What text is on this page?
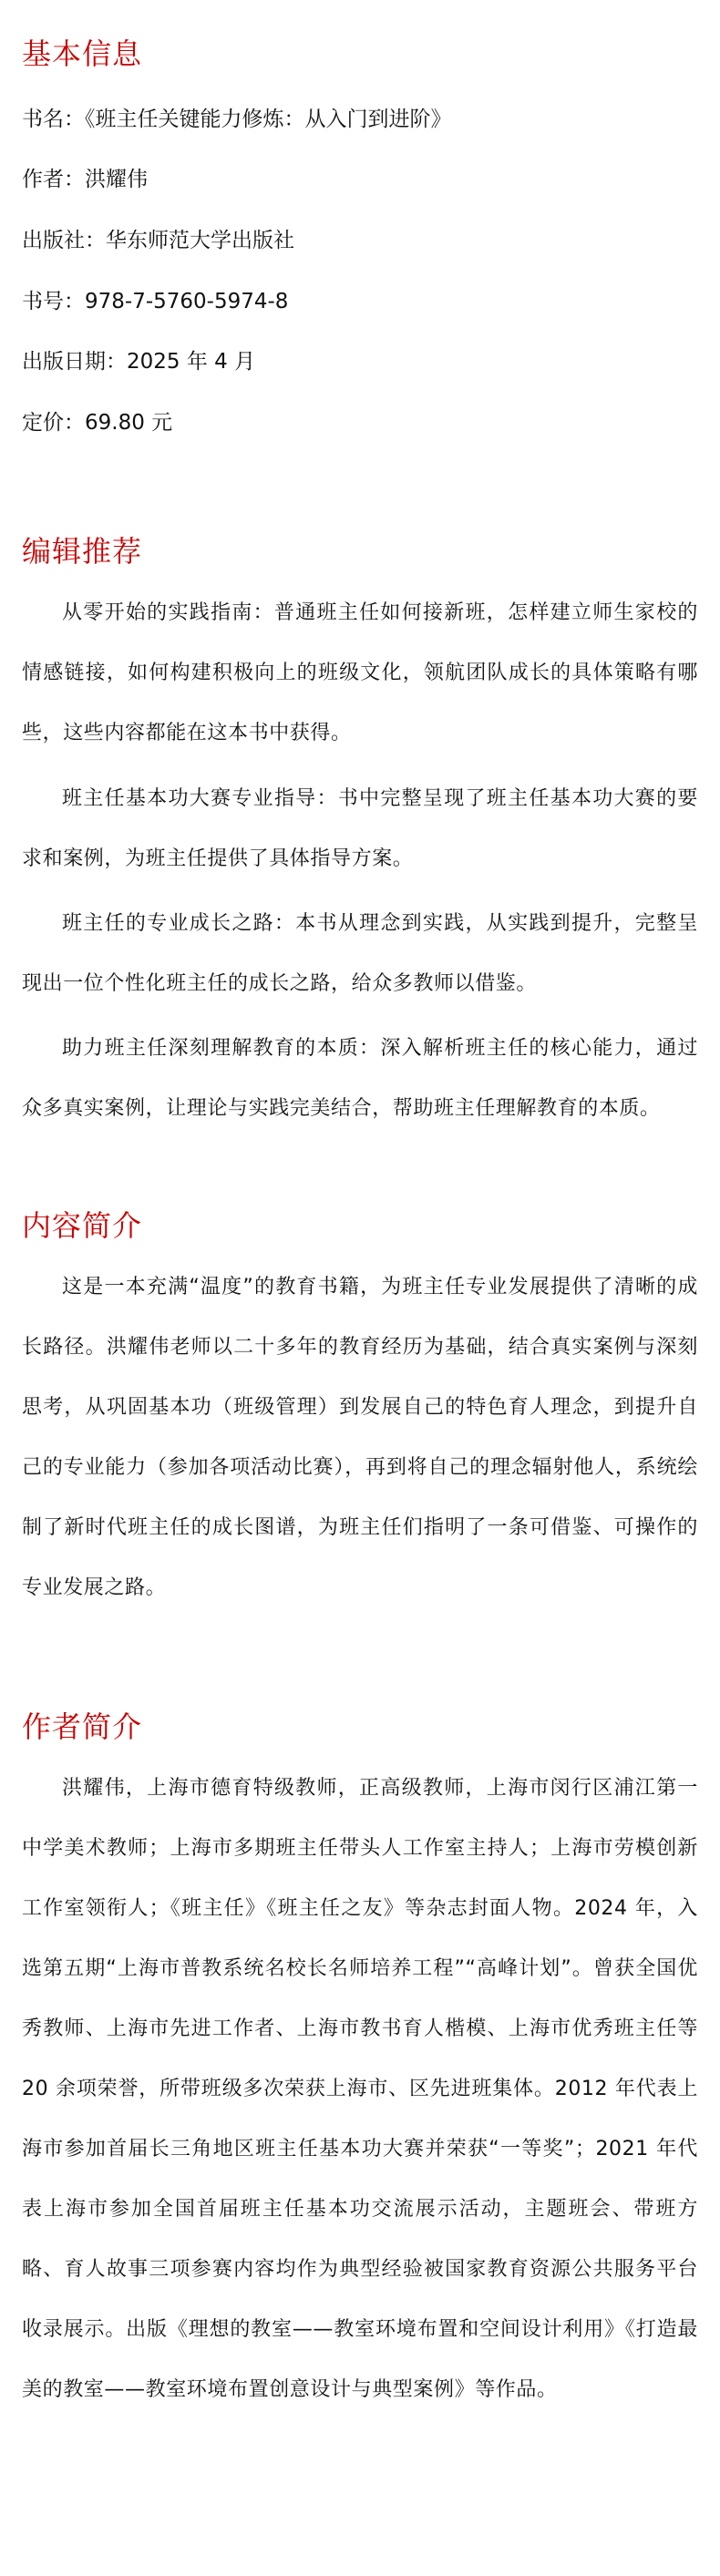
基本信息

书名：《班主任关键能力修炼：从入门到进阶》

作者：洪耀伟

出版社：华东师范大学出版社

书号：978-7-5760-5974-8

出版日期：2025 年 4 月

定价：69.80 元

编辑推荐

从零开始的实践指南：普通班主任如何接新班，怎样建立师生家校的情感链接，如何构建积极向上的班级文化，领航团队成长的具体策略有哪些，这些内容都能在这本书中获得。

班主任基本功大赛专业指导：书中完整呈现了班主任基本功大赛的要求和案例，为班主任提供了具体指导方案。

班主任的专业成长之路：本书从理念到实践，从实践到提升，完整呈现出一位个性化班主任的成长之路，给众多教师以借鉴。

助力班主任深刻理解教育的本质：深入解析班主任的核心能力，通过众多真实案例，让理论与实践完美结合，帮助班主任理解教育的本质。

内容简介

这是一本充满“温度”的教育书籍，为班主任专业发展提供了清晰的成长路径。洪耀伟老师以二十多年的教育经历为基础，结合真实案例与深刻思考，从巩固基本功（班级管理）到发展自己的特色育人理念，到提升自己的专业能力（参加各项活动比赛），再到将自己的理念辐射他人，系统绘制了新时代班主任的成长图谱，为班主任们指明了一条可借鉴、可操作的专业发展之路。

作者简介

洪耀伟，上海市德育特级教师，正高级教师，上海市闵行区浦江第一中学美术教师；上海市多期班主任带头人工作室主持人；上海市劳模创新工作室领衔人；《班主任》《班主任之友》等杂志封面人物。2024 年，入选第五期“上海市普教系统名校长名师培养工程”“高峰计划”。曾获全国优秀教师、上海市先进工作者、上海市教书育人楷模、上海市优秀班主任等 20 余项荣誉，所带班级多次荣获上海市、区先进班集体。2012 年代表上海市参加首届长三角地区班主任基本功大赛并荣获“一等奖”；2021 年代表上海市参加全国首届班主任基本功交流展示活动，主题班会、带班方略、育人故事三项参赛内容均作为典型经验被国家教育资源公共服务平台收录展示。出版《理想的教室——教室环境布置和空间设计利用》《打造最美的教室——教室环境布置创意设计与典型案例》等作品。
